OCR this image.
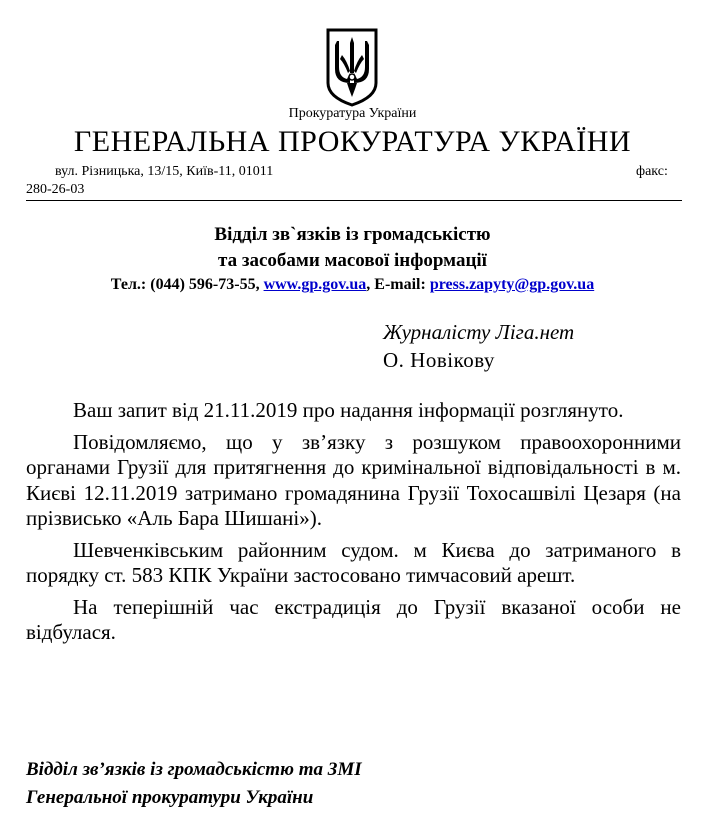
Прокуратура України
ГЕНЕРАЛЬНА ПРОКУРАТУРА УКРАЇНИ
вул. Різницька, 13/15, Київ-11, 01011	факс:
280-26-03
Відділ зв`язків із громадськістю
та засобами масової інформації
Тел.: (044) 596-73-55, www.gp.gov.ua, E-mail: press.zapyty@gp.gov.ua
Журналісту Ліга.нет
О. Новікову

Ваш запит від 21.11.2019 про надання інформації розглянуто.

Повідомляємо, що у зв’язку з розшуком правоохоронними органами Грузії для притягнення до кримінальної відповідальності в м. Києві 12.11.2019 затримано громадянина Грузії Тохосашвілі Цезаря (на прізвисько «Аль Бара Шишані»).

Шевченківським районним судом. м Києва до затриманого в порядку ст. 583 КПК України застосовано тимчасовий арешт.

На теперішній час екстрадиція до Грузії вказаної особи не відбулася.

Відділ зв’язків із громадськістю та ЗМІ
Генеральної прокуратури України
